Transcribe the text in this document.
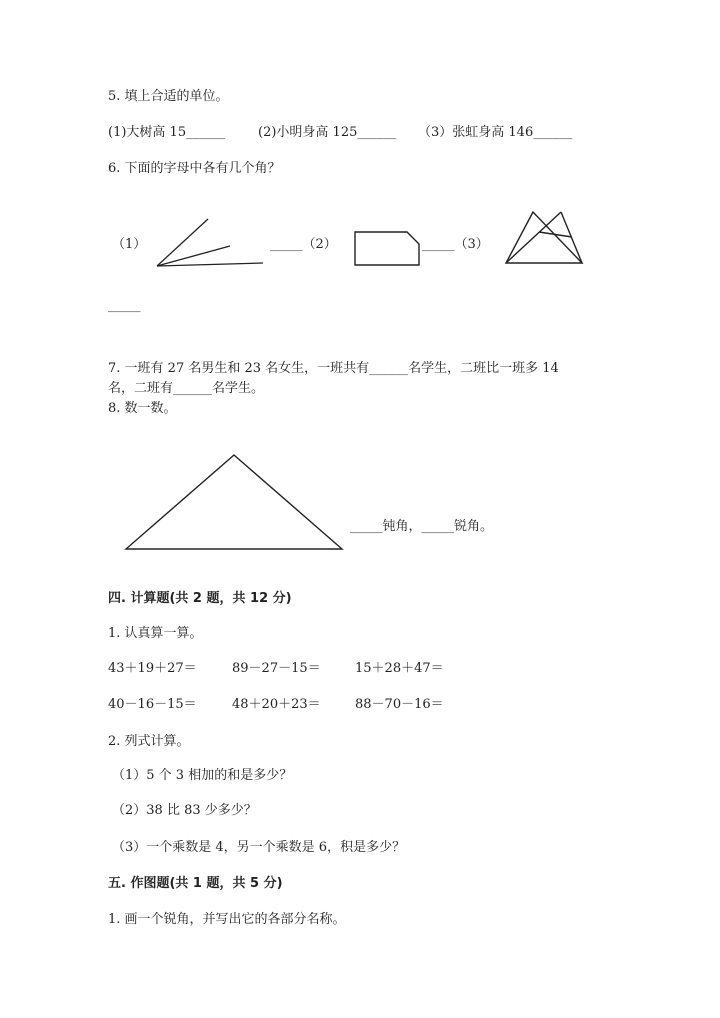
5. 填上合适的单位。
(1)大树高 15______	(2)小明身高 125______ （3）张虹身高 146______
6. 下面的字母中各有几个角？
（1）	_____（2）	_____（3）
_____
7. 一班有 27 名男生和 23 名女生，一班共有______名学生，二班比一班多 14
名，二班有______名学生。
8. 数一数。
_____钝角，_____锐角。
四. 计算题(共 2 题，共 12 分)
1. 认真算一算。
43＋19＋27＝	89－27－15＝	15＋28＋47＝
40－16－15＝	48＋20＋23＝	88－70－16＝
2. 列式计算。
（1）5 个 3 相加的和是多少？
（2）38 比 83 少多少？
（3）一个乘数是 4，另一个乘数是 6，积是多少？
五. 作图题(共 1 题，共 5 分)
1. 画一个锐角，并写出它的各部分名称。
